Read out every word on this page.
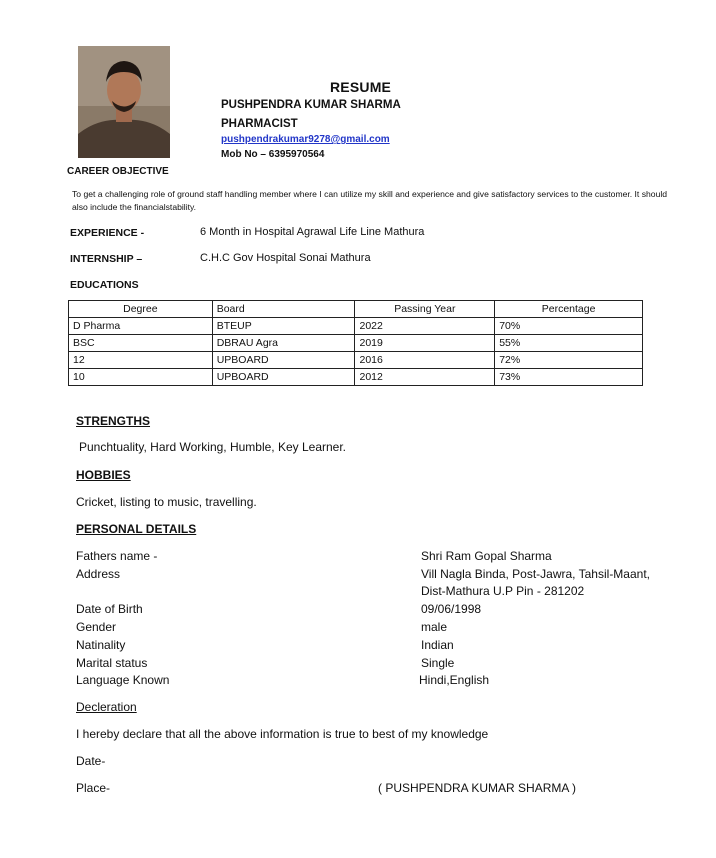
RESUME
PUSHPENDRA KUMAR SHARMA
PHARMACIST
pushpendrakumar9278@gmail.com
Mob No – 6395970564
CAREER OBJECTIVE
To get a challenging role of ground staff handling member where I can utilize my skill and experience and give satisfactory services to the customer. It should also include the financialstability.
EXPERIENCE -	6 Month in Hospital Agrawal Life Line Mathura
INTERNSHIP –	C.H.C Gov Hospital Sonai Mathura
EDUCATIONS
Degree	Board	Passing Year	Percentage
D Pharma	BTEUP	2022	70%
BSC	DBRAU Agra	2019	55%
12	UPBOARD	2016	72%
10	UPBOARD	2012	73%
STRENGTHS
Punchtuality, Hard Working, Humble, Key Learner.
HOBBIES
Cricket, listing to music, travelling.
PERSONAL DETAILS
Fathers name -	Shri Ram Gopal Sharma
Address	Vill Nagla Binda, Post-Jawra, Tahsil-Maant,
Dist-Mathura U.P Pin - 281202
Date of Birth	09/06/1998
Gender	male
Natinality	Indian
Marital status	Single
Language Known	Hindi,English
Decleration
I hereby declare that all the above information is true to best of my knowledge
Date-
Place-	( PUSHPENDRA KUMAR SHARMA )
